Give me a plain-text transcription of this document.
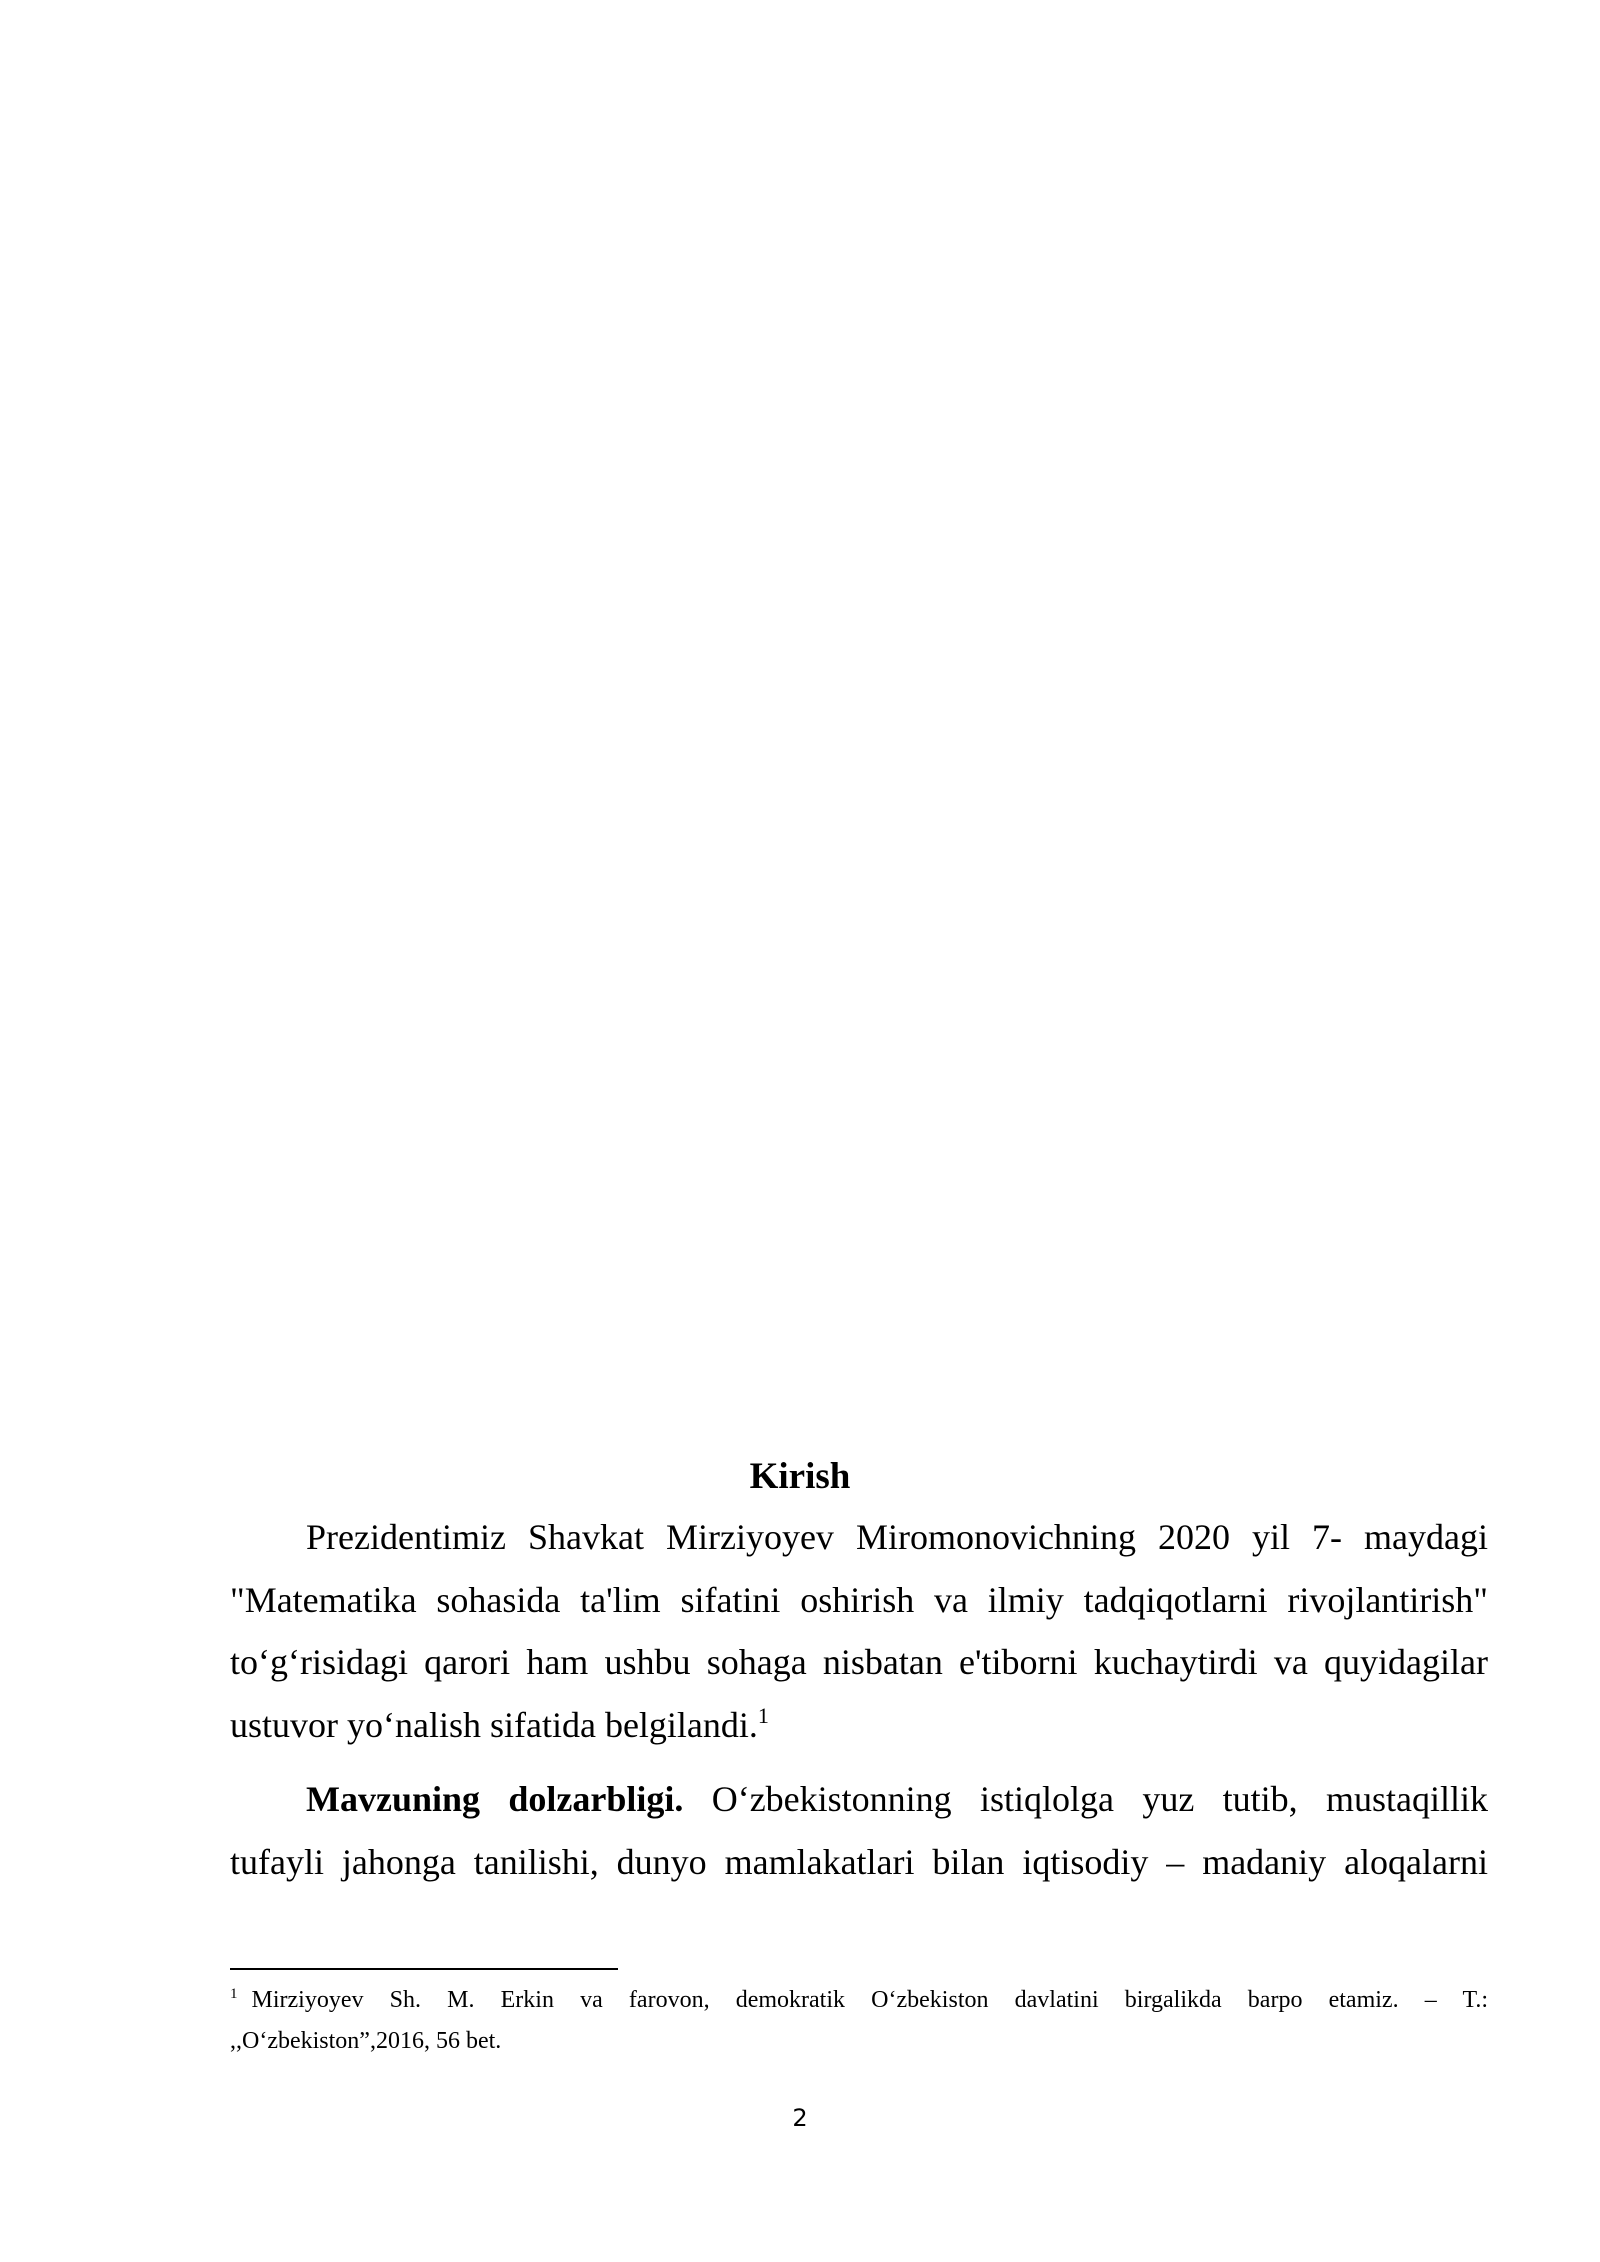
Kirish
Prezidentimiz Shavkat Mirziyoyev Miromonovichning 2020 yil 7- maydagi
"Matematika sohasida ta'lim sifatini oshirish va ilmiy tadqiqotlarni rivojlantirish"
to‘g‘risidagi qarori ham ushbu sohaga nisbatan e'tiborni kuchaytirdi va quyidagilar
ustuvor yo‘nalish sifatida belgilandi.$^1$
Mavzuning dolzarbligi. O‘zbekistonning istiqlolga yuz tutib, mustaqillik
tufayli jahonga tanilishi, dunyo mamlakatlari bilan iqtisodiy – madaniy aloqalarni
$^1$ Mirziyoyev Sh. M. Erkin va farovon, demokratik O‘zbekiston davlatini birgalikda barpo etamiz. – T.:
,,O‘zbekiston”,2016, 56 bet.
2
